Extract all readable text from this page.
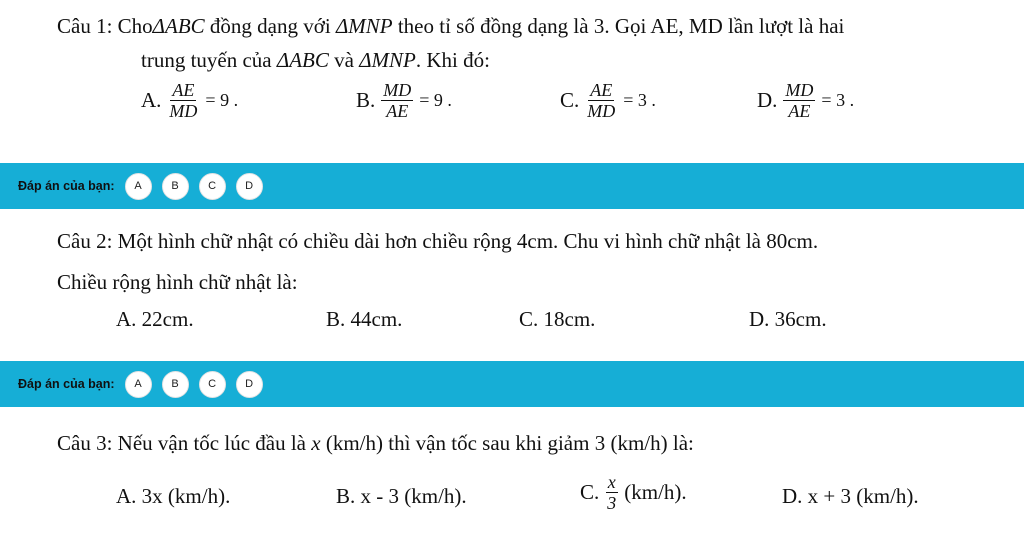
Câu 1: ChoΔABC đồng dạng với ΔMNP theo tỉ số đồng dạng là 3. Gọi AE, MD lần lượt là hai
trung tuyến của ΔABC và ΔMNP. Khi đó:
A. $\frac{AE}{MD} = 9$ .	B. $\frac{MD}{AE} = 9$ .	C. $\frac{AE}{MD} = 3$ .	D. $\frac{MD}{AE} = 3$ .
Đáp án của bạn:	A	B	C	D
Câu 2: Một hình chữ nhật có chiều dài hơn chiều rộng 4cm. Chu vi hình chữ nhật là 80cm.
Chiều rộng hình chữ nhật là:
A. 22cm.	B. 44cm.	C. 18cm.	D. 36cm.
Đáp án của bạn:	A	B	C	D
Câu 3: Nếu vận tốc lúc đầu là x (km/h) thì vận tốc sau khi giảm 3 (km/h) là:
A. 3x (km/h).	B. x - 3 (km/h).	C. $\frac{x}{3} (km/h)$.	D. x + 3 (km/h).
